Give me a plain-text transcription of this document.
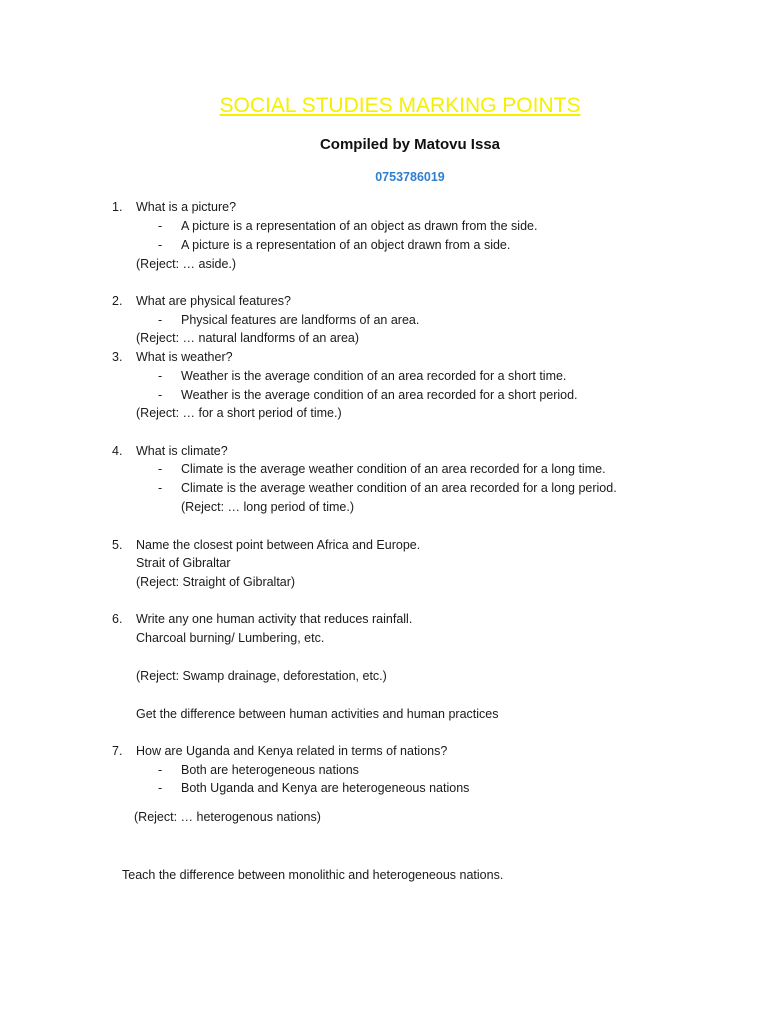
SOCIAL STUDIES MARKING POINTS
Compiled by Matovu Issa
0753786019
1. What is a picture?
- A picture is a representation of an object as drawn from the side.
- A picture is a representation of an object drawn from a side.
(Reject: … aside.)
2. What are physical features?
- Physical features are landforms of an area.
(Reject: … natural landforms of an area)
3. What is weather?
- Weather is the average condition of an area recorded for a short time.
- Weather is the average condition of an area recorded for a short period.
(Reject: … for a short period of time.)
4. What is climate?
- Climate is the average weather condition of an area recorded for a long time.
- Climate is the average weather condition of an area recorded for a long period.
(Reject: … long period of time.)
5. Name the closest point between Africa and Europe.
Strait of Gibraltar
(Reject: Straight of Gibraltar)
6. Write any one human activity that reduces rainfall.
Charcoal burning/ Lumbering, etc.
(Reject: Swamp drainage, deforestation, etc.)
Get the difference between human activities and human practices
7. How are Uganda and Kenya related in terms of nations?
- Both are heterogeneous nations
- Both Uganda and Kenya are heterogeneous nations
(Reject: … heterogenous nations)
Teach the difference between monolithic and heterogeneous nations.
